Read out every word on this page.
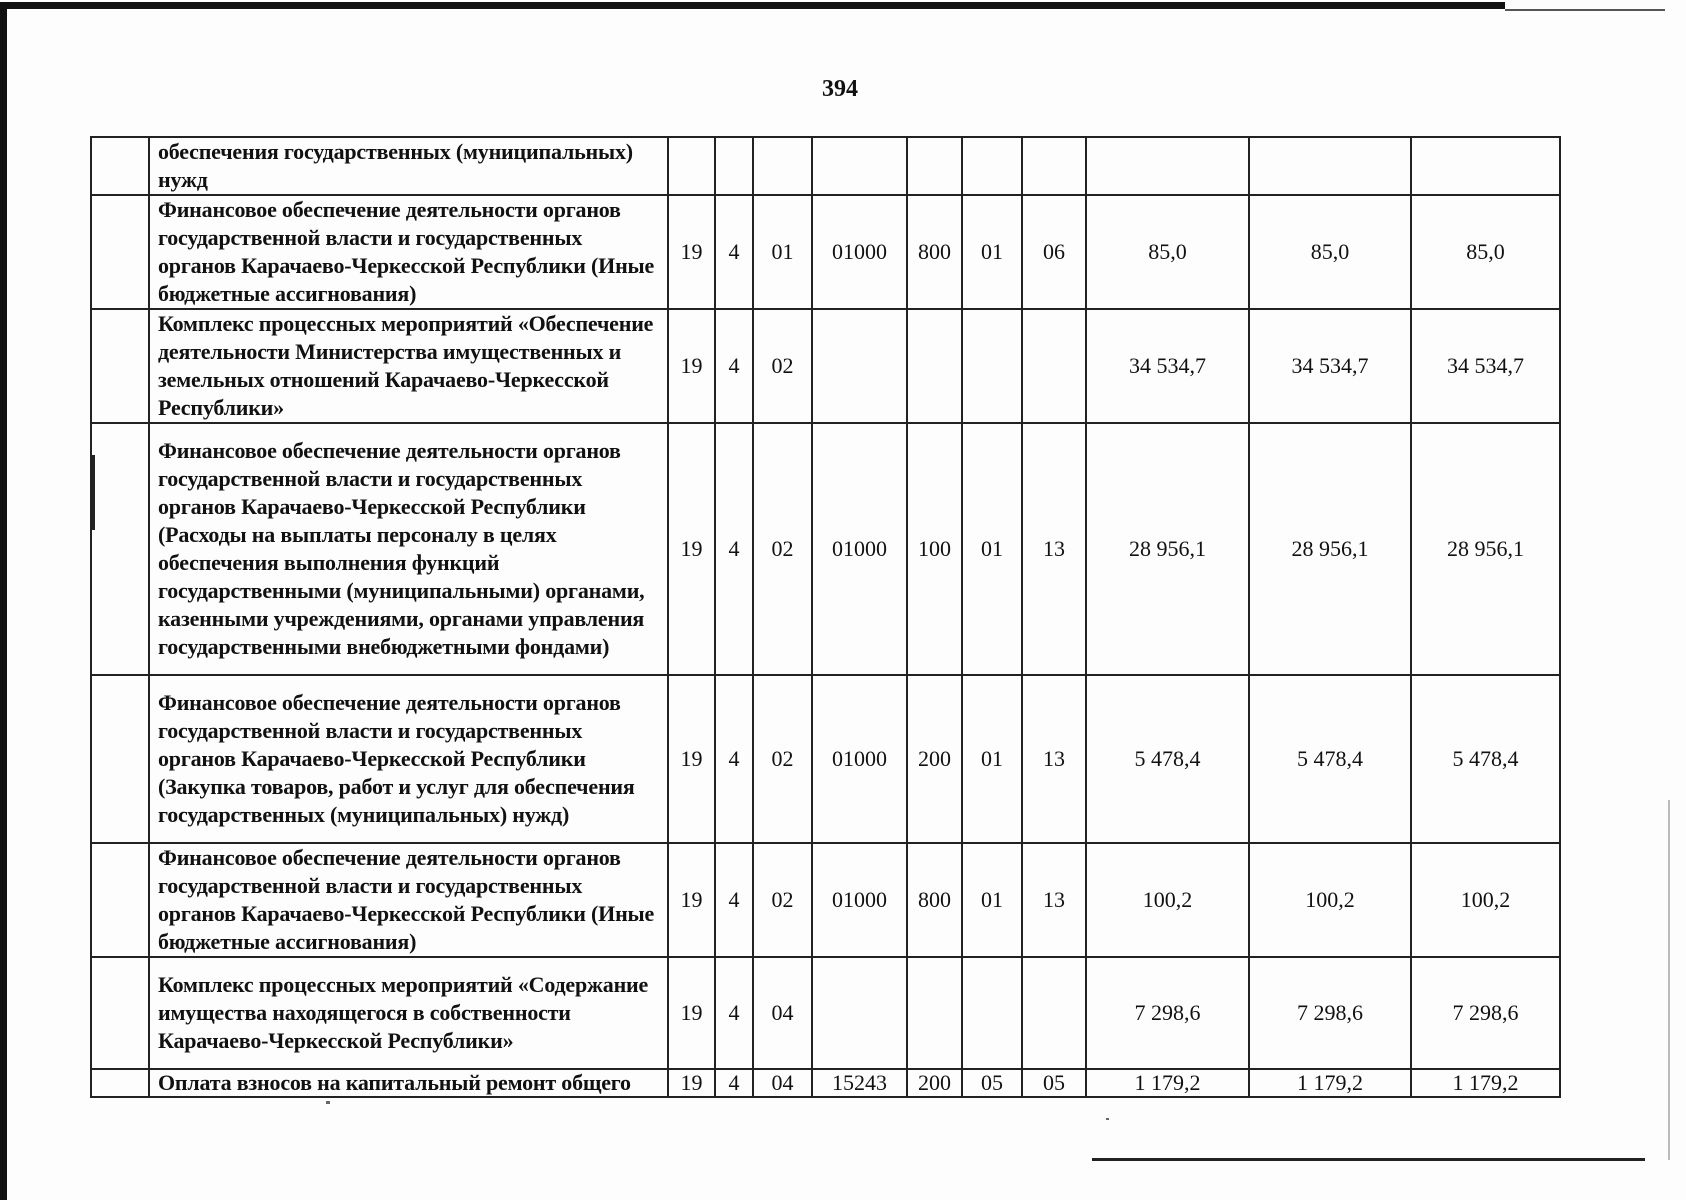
394
	обеспечения государственных (муниципальных) нужд										
	Финансовое обеспечение деятельности органов государственной власти и государственных органов Карачаево-Черкесской Республики (Иные бюджетные ассигнования)	19	4	01	01000	800	01	06	85,0	85,0	85,0
	Комплекс процессных мероприятий «Обеспечение деятельности Министерства имущественных и земельных отношений Карачаево-Черкесской Республики»	19	4	02					34 534,7	34 534,7	34 534,7
	Финансовое обеспечение деятельности органов государственной власти и государственных органов Карачаево-Черкесской Республики (Расходы на выплаты персоналу в целях обеспечения выполнения функций государственными (муниципальными) органами, казенными учреждениями, органами управления государственными внебюджетными фондами)	19	4	02	01000	100	01	13	28 956,1	28 956,1	28 956,1
	Финансовое обеспечение деятельности органов государственной власти и государственных органов Карачаево-Черкесской Республики (Закупка товаров, работ и услуг для обеспечения государственных (муниципальных) нужд)	19	4	02	01000	200	01	13	5 478,4	5 478,4	5 478,4
	Финансовое обеспечение деятельности органов государственной власти и государственных органов Карачаево-Черкесской Республики (Иные бюджетные ассигнования)	19	4	02	01000	800	01	13	100,2	100,2	100,2
	Комплекс процессных мероприятий «Содержание имущества находящегося в собственности Карачаево-Черкесской Республики»	19	4	04					7 298,6	7 298,6	7 298,6
	Оплата взносов на капитальный ремонт общего	19	4	04	15243	200	05	05	1 179,2	1 179,2	1 179,2
